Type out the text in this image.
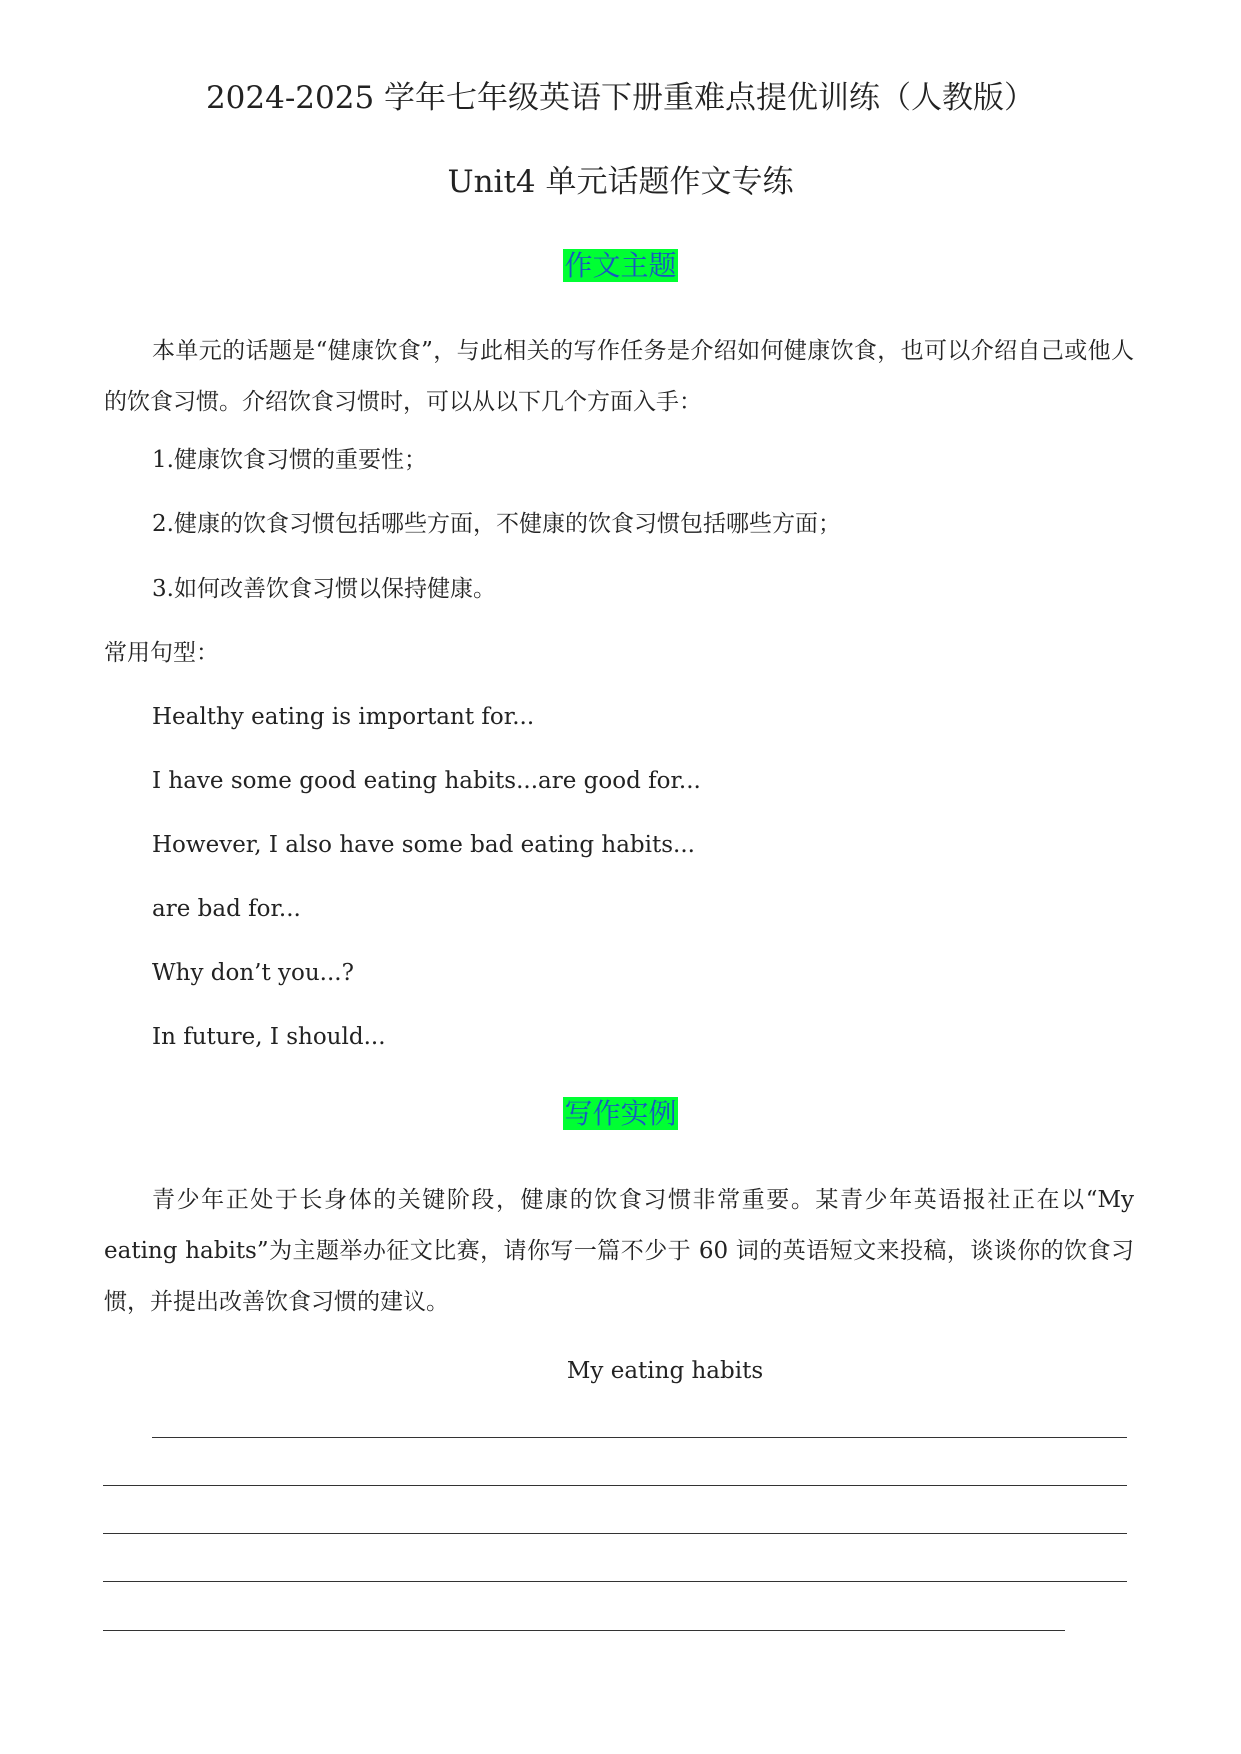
2024-2025 学年七年级英语下册重难点提优训练（人教版）
Unit4 单元话题作文专练
作文主题
本单元的话题是“健康饮食”，与此相关的写作任务是介绍如何健康饮食，也可以介绍自己或他人的饮食习惯。介绍饮食习惯时，可以从以下几个方面入手：
1.健康饮食习惯的重要性；
2.健康的饮食习惯包括哪些方面，不健康的饮食习惯包括哪些方面；
3.如何改善饮食习惯以保持健康。
常用句型：
Healthy eating is important for...
I have some good eating habits...are good for...
However, I also have some bad eating habits...
are bad for...
Why don’t you...?
In future, I should...
写作实例
青少年正处于长身体的关键阶段，健康的饮食习惯非常重要。某青少年英语报社正在以“My eating habits”为主题举办征文比赛，请你写一篇不少于 60 词的英语短文来投稿，谈谈你的饮食习惯，并提出改善饮食习惯的建议。
My eating habits
